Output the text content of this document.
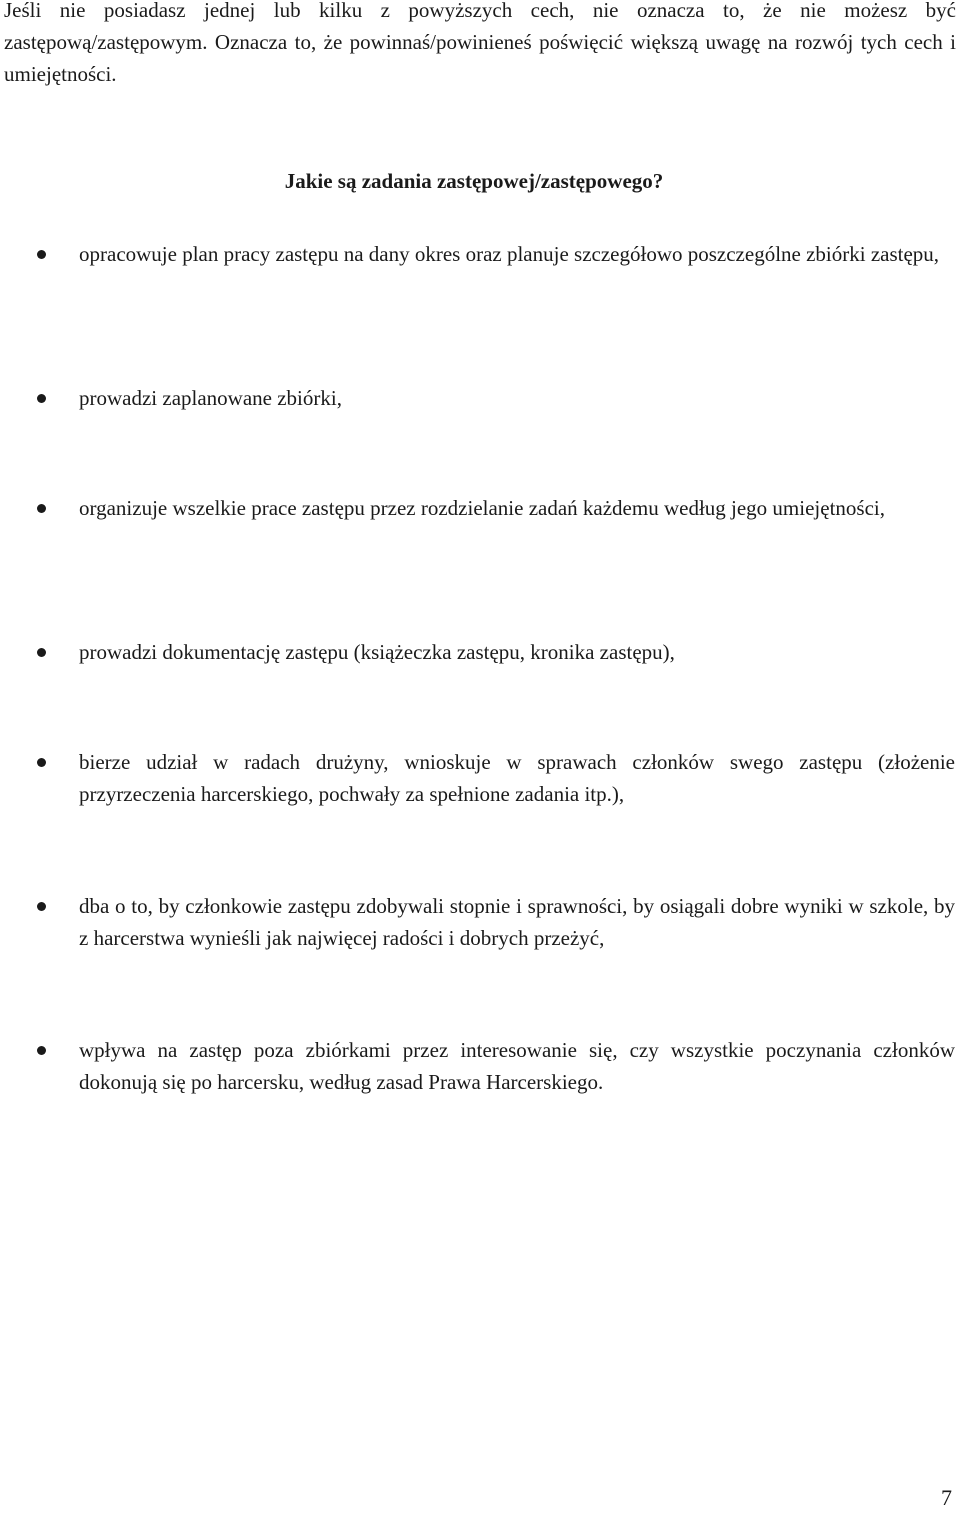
Jeśli nie posiadasz jednej lub kilku z powyższych cech, nie oznacza to, że nie możesz być zastępową/zastępowym. Oznacza to, że powinnaś/powinieneś poświęcić większą uwagę na rozwój tych cech i umiejętności.

Jakie są zadania zastępowej/zastępowego?
opracowuje plan pracy zastępu na dany okres oraz planuje szczegółowo poszczególne zbiórki zastępu,
prowadzi zaplanowane zbiórki,
organizuje wszelkie prace zastępu przez rozdzielanie zadań każdemu według jego umiejętności,
prowadzi dokumentację zastępu (książeczka zastępu, kronika zastępu),
bierze udział w radach drużyny, wnioskuje w sprawach członków swego zastępu (złożenie przyrzeczenia harcerskiego, pochwały za spełnione zadania itp.),
dba o to, by członkowie zastępu zdobywali stopnie i sprawności, by osiągali dobre wyniki w szkole, by z harcerstwa wynieśli jak najwięcej radości i dobrych przeżyć,
wpływa na zastęp poza zbiórkami przez interesowanie się, czy wszystkie poczynania członków dokonują się po harcersku, według zasad Prawa Harcerskiego.
7
